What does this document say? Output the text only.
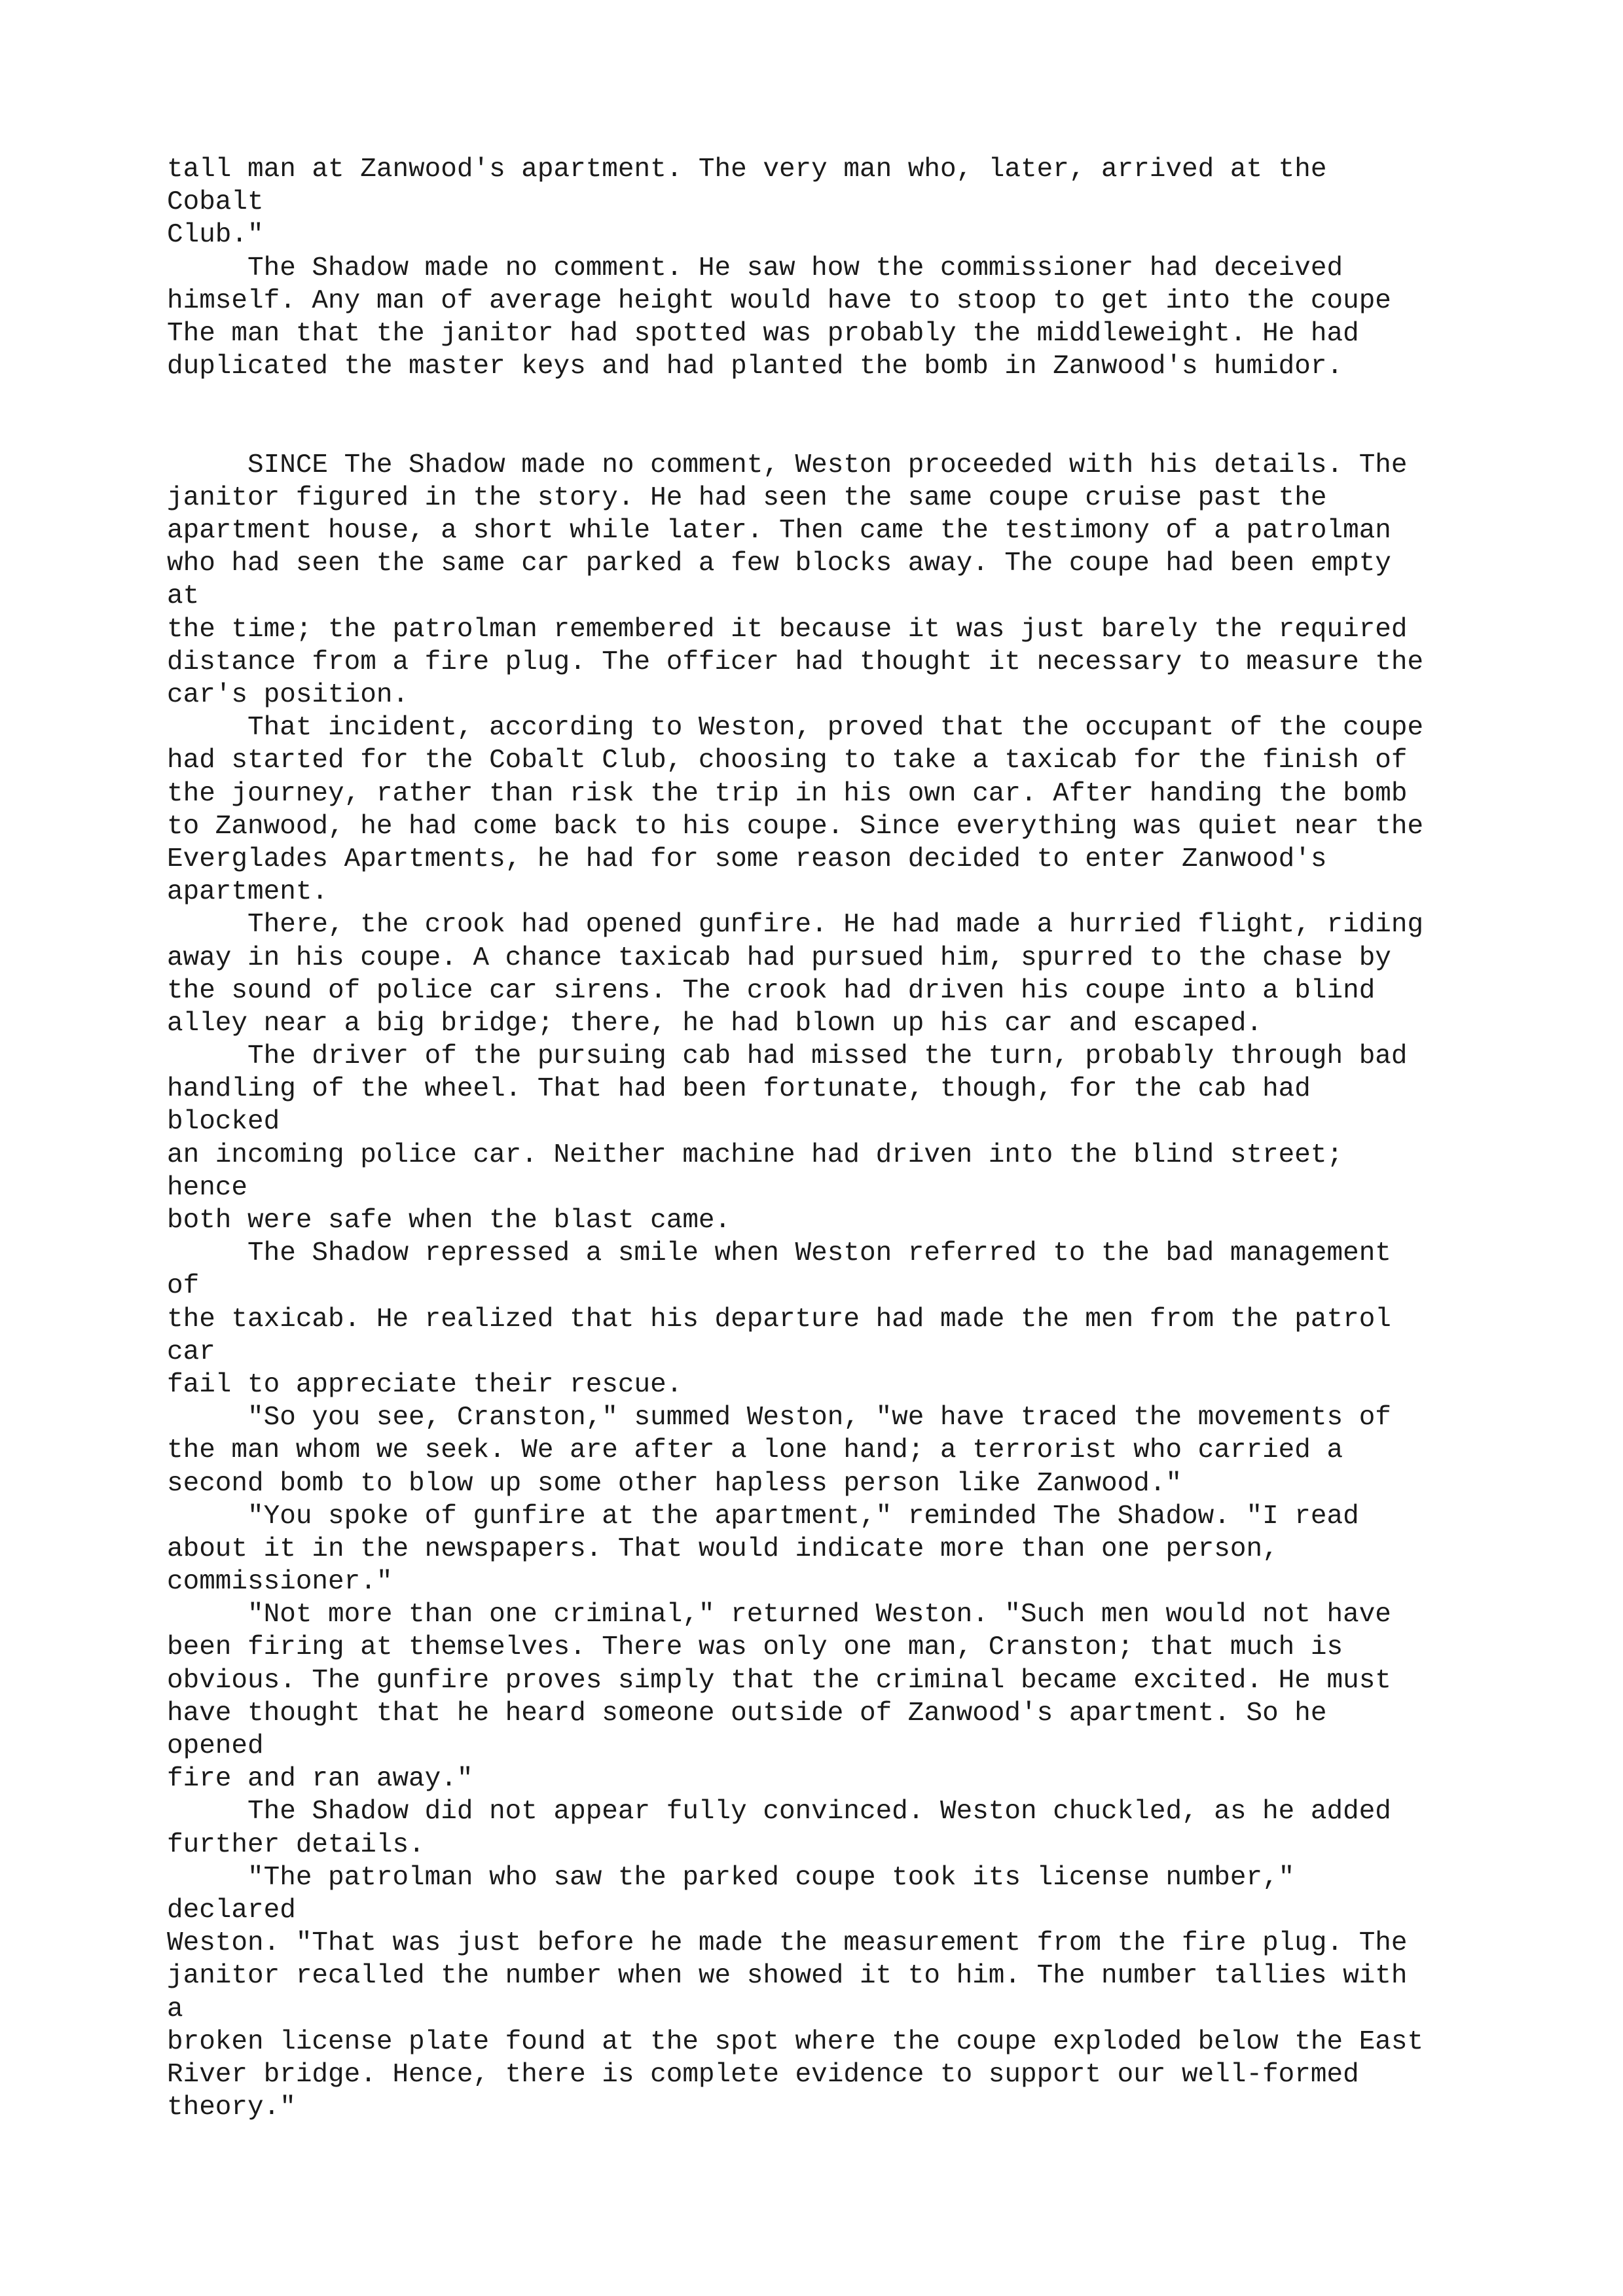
tall man at Zanwood's apartment. The very man who, later, arrived at the
Cobalt
Club."
The Shadow made no comment. He saw how the commissioner had deceived
himself. Any man of average height would have to stoop to get into the coupe
The man that the janitor had spotted was probably the middleweight. He had
duplicated the master keys and had planted the bomb in Zanwood's humidor.
SINCE The Shadow made no comment, Weston proceeded with his details. The
janitor figured in the story. He had seen the same coupe cruise past the
apartment house, a short while later. Then came the testimony of a patrolman
who had seen the same car parked a few blocks away. The coupe had been empty
at
the time; the patrolman remembered it because it was just barely the required
distance from a fire plug. The officer had thought it necessary to measure the
car's position.
That incident, according to Weston, proved that the occupant of the coupe
had started for the Cobalt Club, choosing to take a taxicab for the finish of
the journey, rather than risk the trip in his own car. After handing the bomb
to Zanwood, he had come back to his coupe. Since everything was quiet near the
Everglades Apartments, he had for some reason decided to enter Zanwood's
apartment.
There, the crook had opened gunfire. He had made a hurried flight, riding
away in his coupe. A chance taxicab had pursued him, spurred to the chase by
the sound of police car sirens. The crook had driven his coupe into a blind
alley near a big bridge; there, he had blown up his car and escaped.
The driver of the pursuing cab had missed the turn, probably through bad
handling of the wheel. That had been fortunate, though, for the cab had
blocked
an incoming police car. Neither machine had driven into the blind street;
hence
both were safe when the blast came.
The Shadow repressed a smile when Weston referred to the bad management
of
the taxicab. He realized that his departure had made the men from the patrol
car
fail to appreciate their rescue.
"So you see, Cranston," summed Weston, "we have traced the movements of
the man whom we seek. We are after a lone hand; a terrorist who carried a
second bomb to blow up some other hapless person like Zanwood."
"You spoke of gunfire at the apartment," reminded The Shadow. "I read
about it in the newspapers. That would indicate more than one person,
commissioner."
"Not more than one criminal," returned Weston. "Such men would not have
been firing at themselves. There was only one man, Cranston; that much is
obvious. The gunfire proves simply that the criminal became excited. He must
have thought that he heard someone outside of Zanwood's apartment. So he
opened
fire and ran away."
The Shadow did not appear fully convinced. Weston chuckled, as he added
further details.
"The patrolman who saw the parked coupe took its license number,"
declared
Weston. "That was just before he made the measurement from the fire plug. The
janitor recalled the number when we showed it to him. The number tallies with
a
broken license plate found at the spot where the coupe exploded below the East
River bridge. Hence, there is complete evidence to support our well-formed
theory."
